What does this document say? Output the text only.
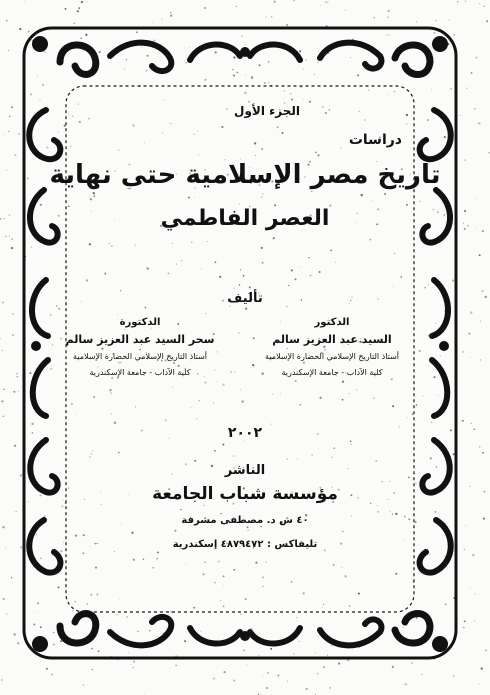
الجزء الأول
دراسات
تاريخ مصر الإسلامية حتى نهاية
العصر الفاطمي
تأليف
الدكتور
السيد عبد العزيز سالم
أستاذ التاريخ الإسلامي الحضارة الإسلامية
كلية الآداب - جامعة الإسكندرية
الدكتورة
سحر السيد عبد العزيز سالم
أستاذ التاريخ الإسلامي الحضارة الإسلامية
كلية الآداب - جامعة الإسكندرية
٢٠٠٢
الناشر
مؤسسة شباب الجامعة
٤٠ ش د. مصطفى مشرفة
تليفاكس : ٤٨٧٩٤٧٢ إسكندرية
